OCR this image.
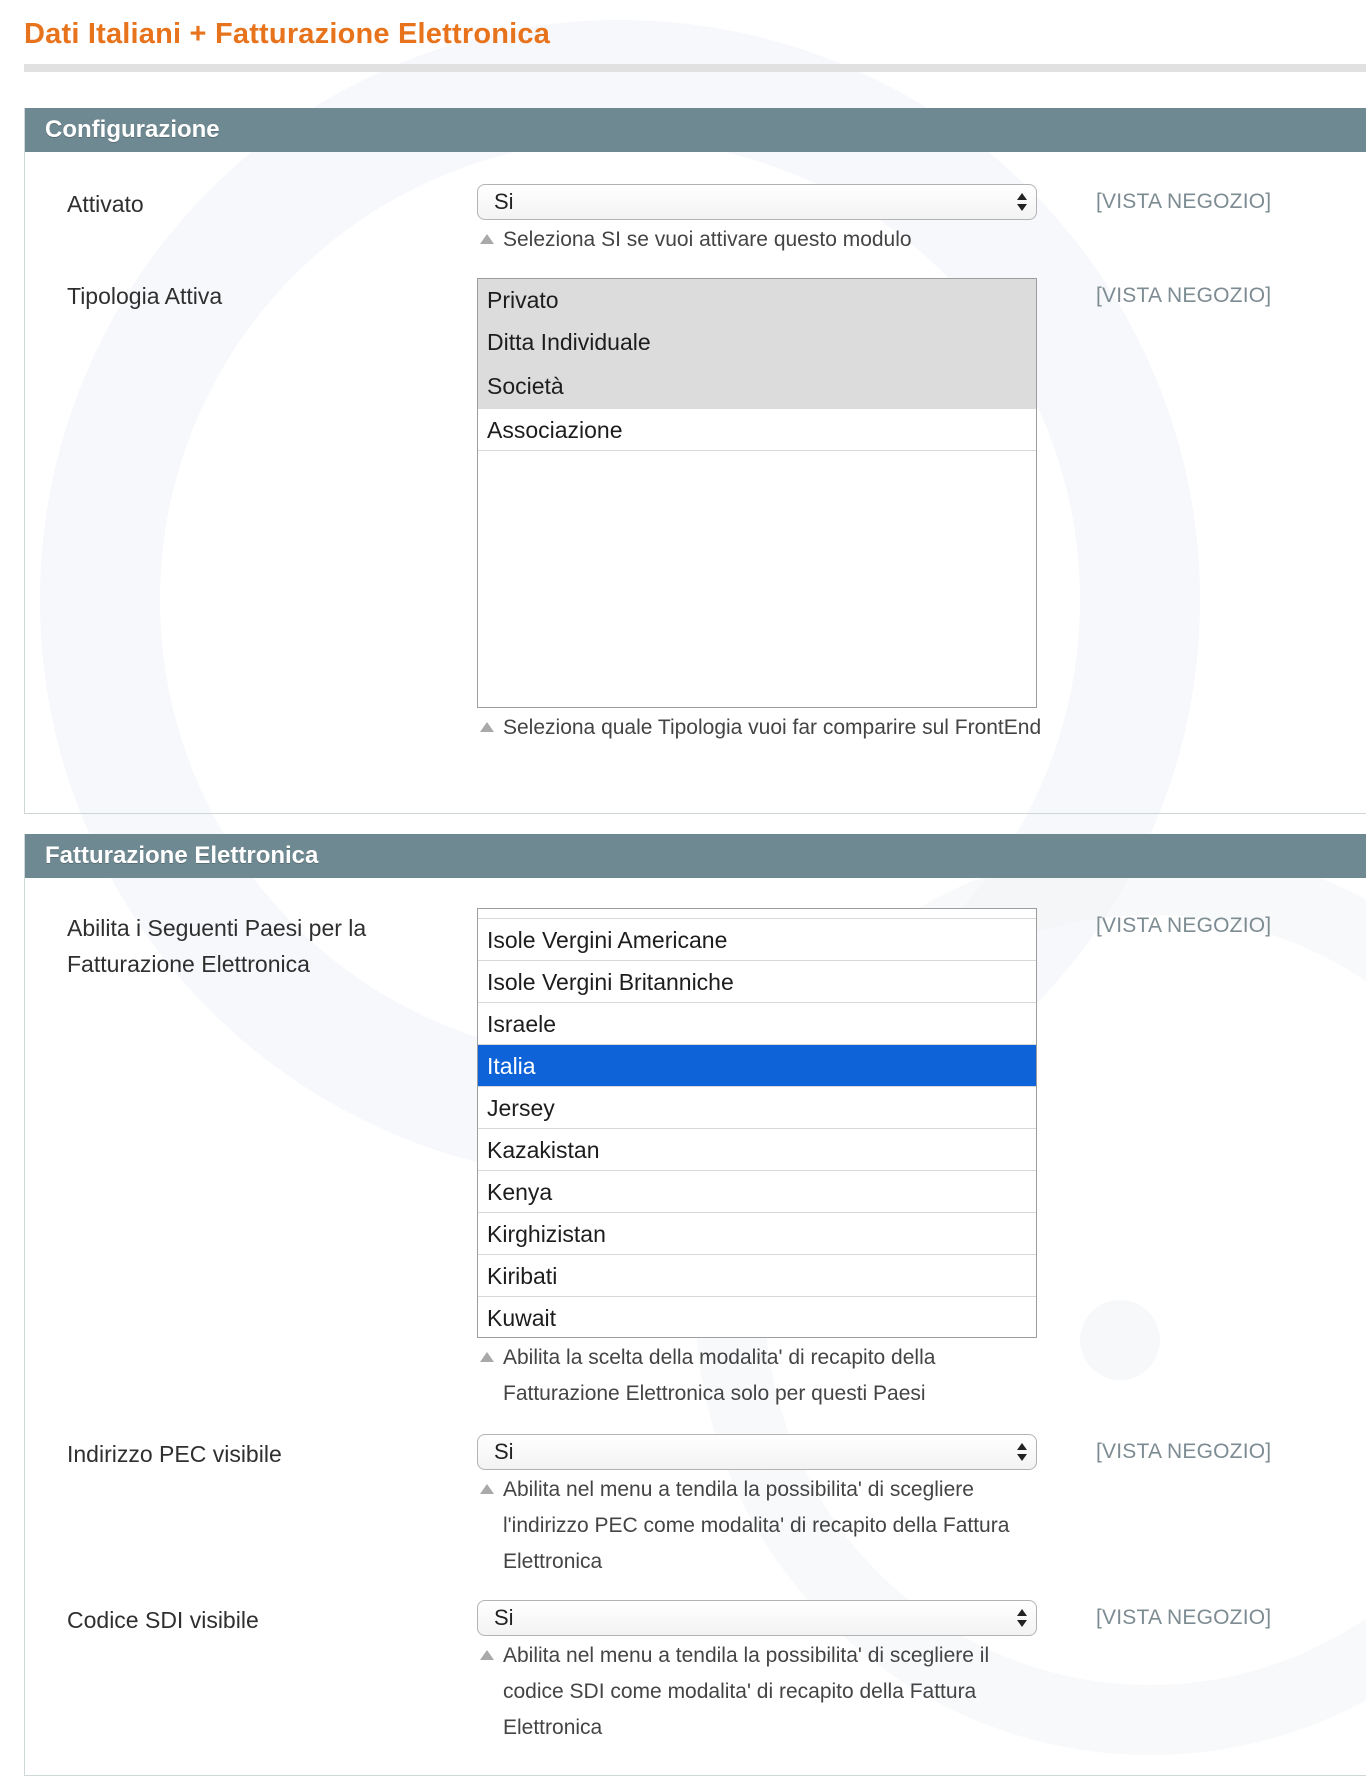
Dati Italiani + Fatturazione Elettronica
Configurazione
Attivato	Si	[VISTA NEGOZIO]
Seleziona SI se vuoi attivare questo modulo
Tipologia Attiva	Privato
Ditta Individuale
Società
Associazione
[VISTA NEGOZIO]
Seleziona quale Tipologia vuoi far comparire sul FrontEnd
Fatturazione Elettronica
Abilita i Seguenti Paesi per la Fatturazione Elettronica
Isole Vergini Americane
Isole Vergini Britanniche
Israele
Italia
Jersey
Kazakistan
Kenya
Kirghizistan
Kiribati
Kuwait
[VISTA NEGOZIO]
Abilita la scelta della modalita' di recapito della Fatturazione Elettronica solo per questi Paesi
Indirizzo PEC visibile	Si	[VISTA NEGOZIO]
Abilita nel menu a tendila la possibilita' di scegliere l'indirizzo PEC come modalita' di recapito della Fattura Elettronica
Codice SDI visibile	Si	[VISTA NEGOZIO]
Abilita nel menu a tendila la possibilita' di scegliere il codice SDI come modalita' di recapito della Fattura Elettronica
